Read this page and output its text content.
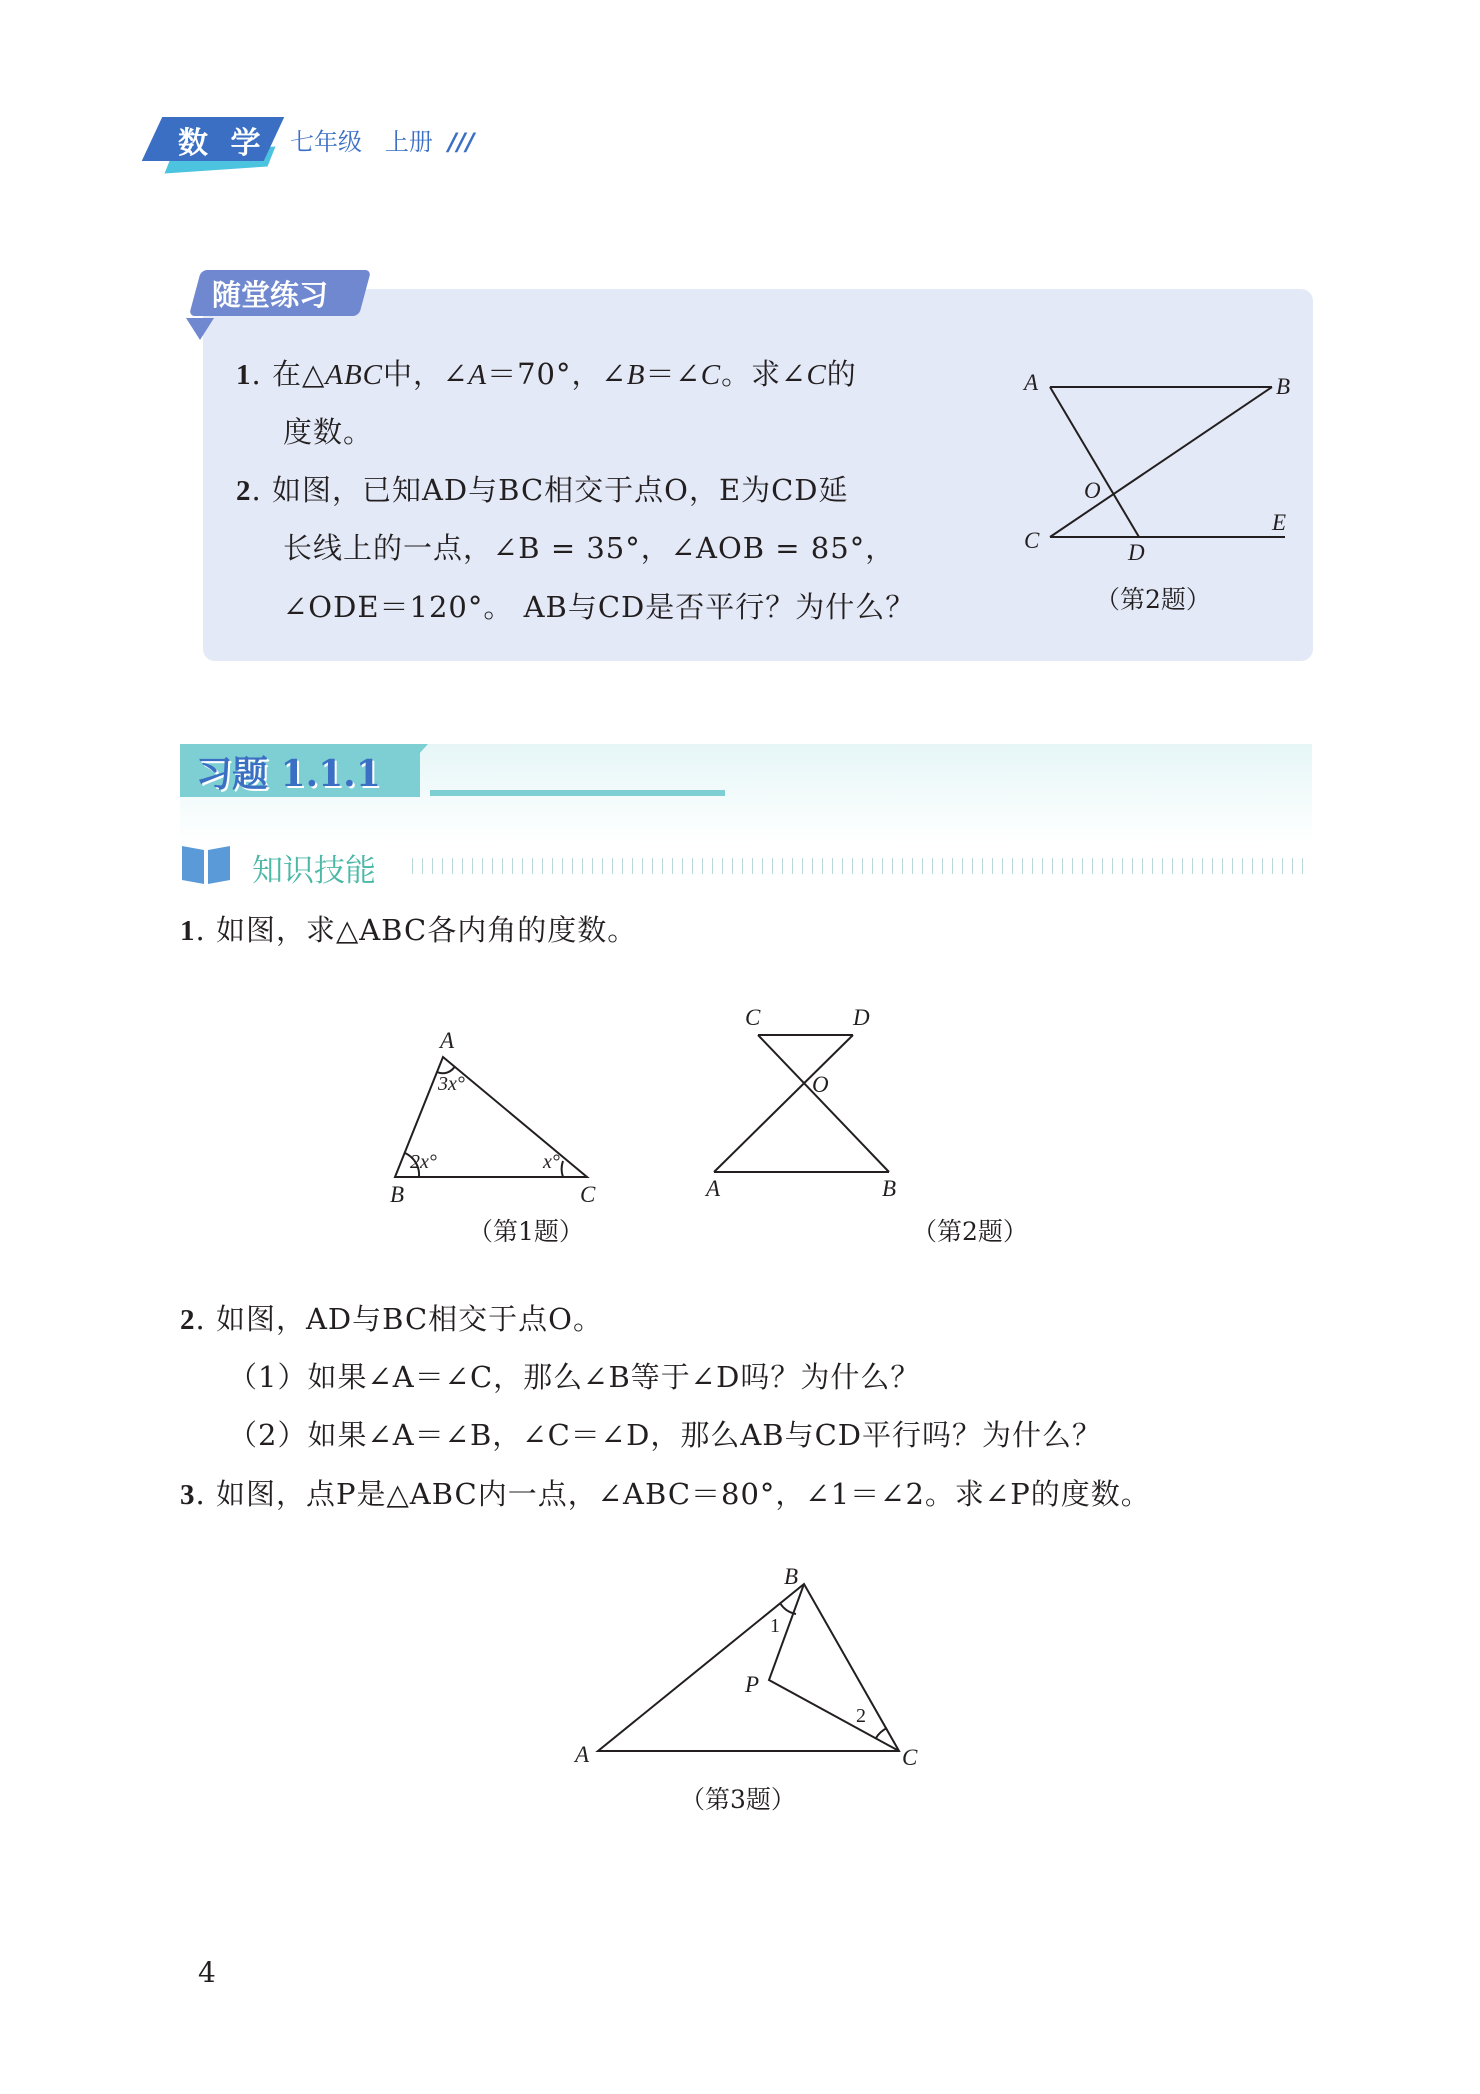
数 学 七年级 上册 ///
随堂练习
1. 在△ABC中，∠A＝70°，∠B＝∠C。求∠C的
度数。
2. 如图，已知AD与BC相交于点O，E为CD延
长线上的一点，∠B = 35°，∠AOB = 85°，
∠ODE＝120°。 AB与CD是否平行？为什么？
A	B
C	D
E
O
A
B	C
3x°
2x°	x°
C	D
A	B
O
B
A	C
P
1
2
（第2题）
习题 1.1.1
知识技能
1. 如图，求△ABC各内角的度数。
（第1题）	（第2题）
2. 如图，AD与BC相交于点O。
（1）如果∠A＝∠C，那么∠B等于∠D吗？为什么？
（2）如果∠A＝∠B，∠C＝∠D，那么AB与CD平行吗？为什么？
3. 如图，点P是△ABC内一点，∠ABC＝80°，∠1＝∠2。求∠P的度数。
（第3题）
4
